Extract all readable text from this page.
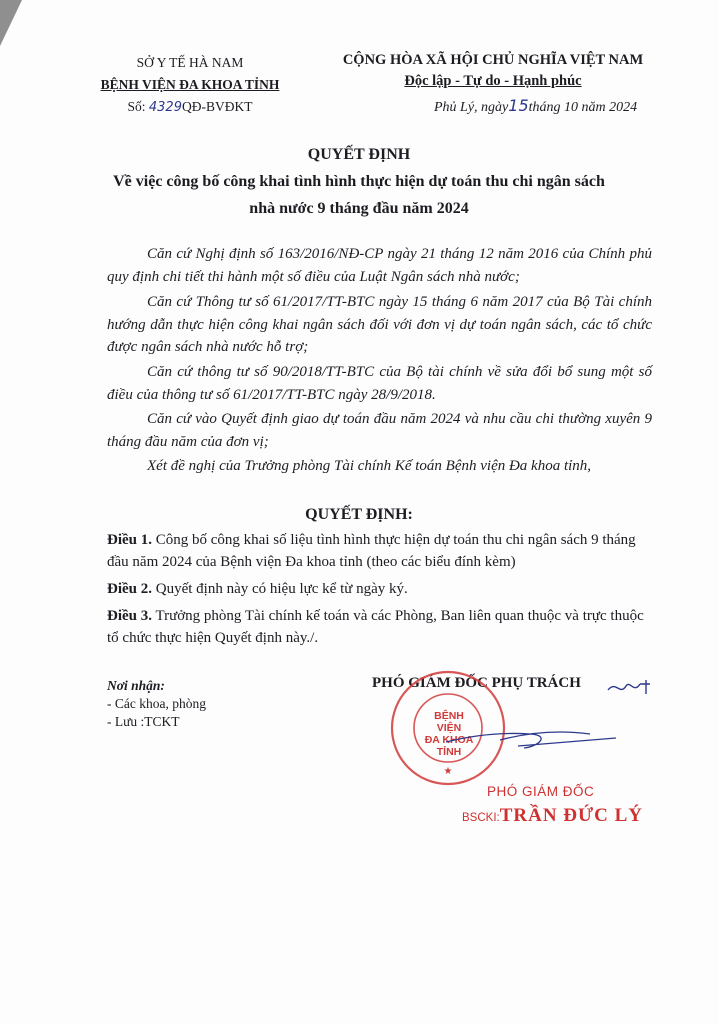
SỞ Y TẾ HÀ NAM
BỆNH VIỆN ĐA KHOA TỈNH
Số: 4329QĐ-BVĐKT
CỘNG HÒA XÃ HỘI CHỦ NGHĨA VIỆT NAM
Độc lập - Tự do - Hạnh phúc
Phủ Lý, ngày15tháng 10 năm 2024
QUYẾT ĐỊNH
Về việc công bố công khai tình hình thực hiện dự toán thu chi ngân sách
nhà nước 9 tháng đầu năm 2024
Căn cứ Nghị định số 163/2016/NĐ-CP ngày 21 tháng 12 năm 2016 của Chính phủ quy định chi tiết thi hành một số điều của Luật Ngân sách nhà nước;
Căn cứ Thông tư số 61/2017/TT-BTC ngày 15 tháng 6 năm 2017 của Bộ Tài chính hướng dẫn thực hiện công khai ngân sách đối với đơn vị dự toán ngân sách, các tổ chức được ngân sách nhà nước hỗ trợ;
Căn cứ thông tư số 90/2018/TT-BTC của Bộ tài chính về sửa đổi bổ sung một số điều của thông tư số 61/2017/TT-BTC ngày 28/9/2018.
Căn cứ vào Quyết định giao dự toán đầu năm 2024 và nhu cầu chi thường xuyên 9 tháng đầu năm của đơn vị;
Xét đề nghị của Trưởng phòng Tài chính Kế toán Bệnh viện Đa khoa tỉnh,
QUYẾT ĐỊNH:
Điều 1. Công bố công khai số liệu tình hình thực hiện dự toán thu chi ngân sách 9 tháng đầu năm 2024 của Bệnh viện Đa khoa tỉnh (theo các biểu đính kèm)
Điều 2. Quyết định này có hiệu lực kể từ ngày ký.
Điều 3. Trưởng phòng Tài chính kế toán và các Phòng, Ban liên quan thuộc và trực thuộc tổ chức thực hiện Quyết định này./.
Nơi nhận:
- Các khoa, phòng
- Lưu :TCKT
PHÓ GIÁM ĐỐC PHỤ TRÁCH
★
BỆNH VIỆN
ĐA KHOA
TỈNH
PHÓ GIÁM ĐỐC
BSCKI:TRẦN ĐỨC LÝ
